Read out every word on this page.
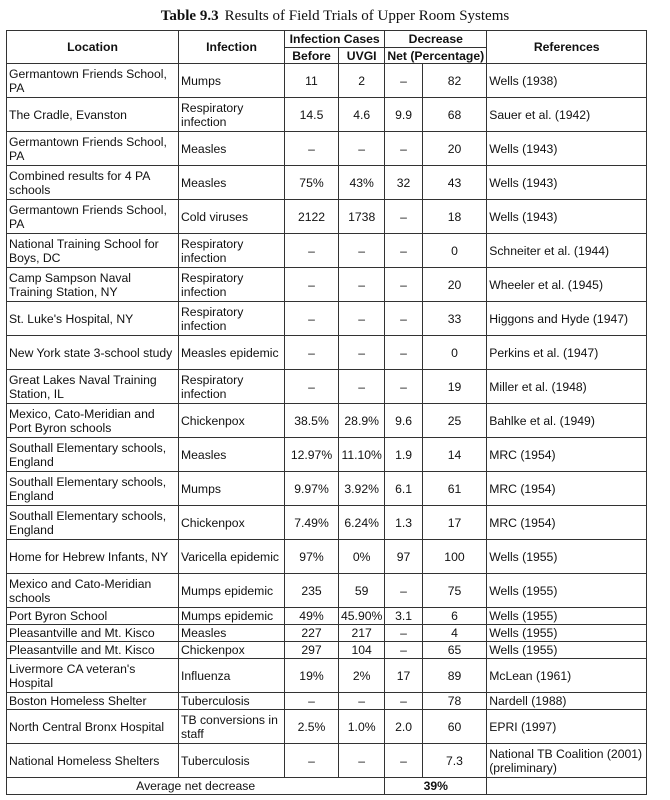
Table 9.3 Results of Field Trials of Upper Room Systems
Location	Infection	Infection Cases		Decrease		References
		Before	UVGI	Net (Percentage)		
Germantown Friends School, PA	Mumps	11	2	–	82	Wells (1938)
The Cradle, Evanston	Respiratory infection	14.5	4.6	9.9	68	Sauer et al. (1942)
Germantown Friends School, PA	Measles	–	–	–	20	Wells (1943)
Combined results for 4 PA schools	Measles	75%	43%	32	43	Wells (1943)
Germantown Friends School, PA	Cold viruses	2122	1738	–	18	Wells (1943)
National Training School for Boys, DC	Respiratory infection	–	–	–	0	Schneiter et al. (1944)
Camp Sampson Naval Training Station, NY	Respiratory infection	–	–	–	20	Wheeler et al. (1945)
St. Luke's Hospital, NY	Respiratory infection	–	–	–	33	Higgons and Hyde (1947)
New York state 3-school study	Measles epidemic	–	–	–	0	Perkins et al. (1947)
Great Lakes Naval Training Station, IL	Respiratory infection	–	–	–	19	Miller et al. (1948)
Mexico, Cato-Meridian and Port Byron schools	Chickenpox	38.5%	28.9%	9.6	25	Bahlke et al. (1949)
Southall Elementary schools, England	Measles	12.97%	11.10%	1.9	14	MRC (1954)
Southall Elementary schools, England	Mumps	9.97%	3.92%	6.1	61	MRC (1954)
Southall Elementary schools, England	Chickenpox	7.49%	6.24%	1.3	17	MRC (1954)
Home for Hebrew Infants, NY	Varicella epidemic	97%	0%	97	100	Wells (1955)
Mexico and Cato-Meridian schools	Mumps epidemic	235	59	–	75	Wells (1955)
Port Byron School	Mumps epidemic	49%	45.90%	3.1	6	Wells (1955)
Pleasantville and Mt. Kisco	Measles	227	217	–	4	Wells (1955)
Pleasantville and Mt. Kisco	Chickenpox	297	104	–	65	Wells (1955)
Livermore CA veteran's Hospital	Influenza	19%	2%	17	89	McLean (1961)
Boston Homeless Shelter	Tuberculosis	–	–	–	78	Nardell (1988)
North Central Bronx Hospital	TB conversions in staff	2.5%	1.0%	2.0	60	EPRI (1997)
National Homeless Shelters	Tuberculosis	–	–	–	7.3	National TB Coalition (2001) (preliminary)
Average net decrease				39%		
